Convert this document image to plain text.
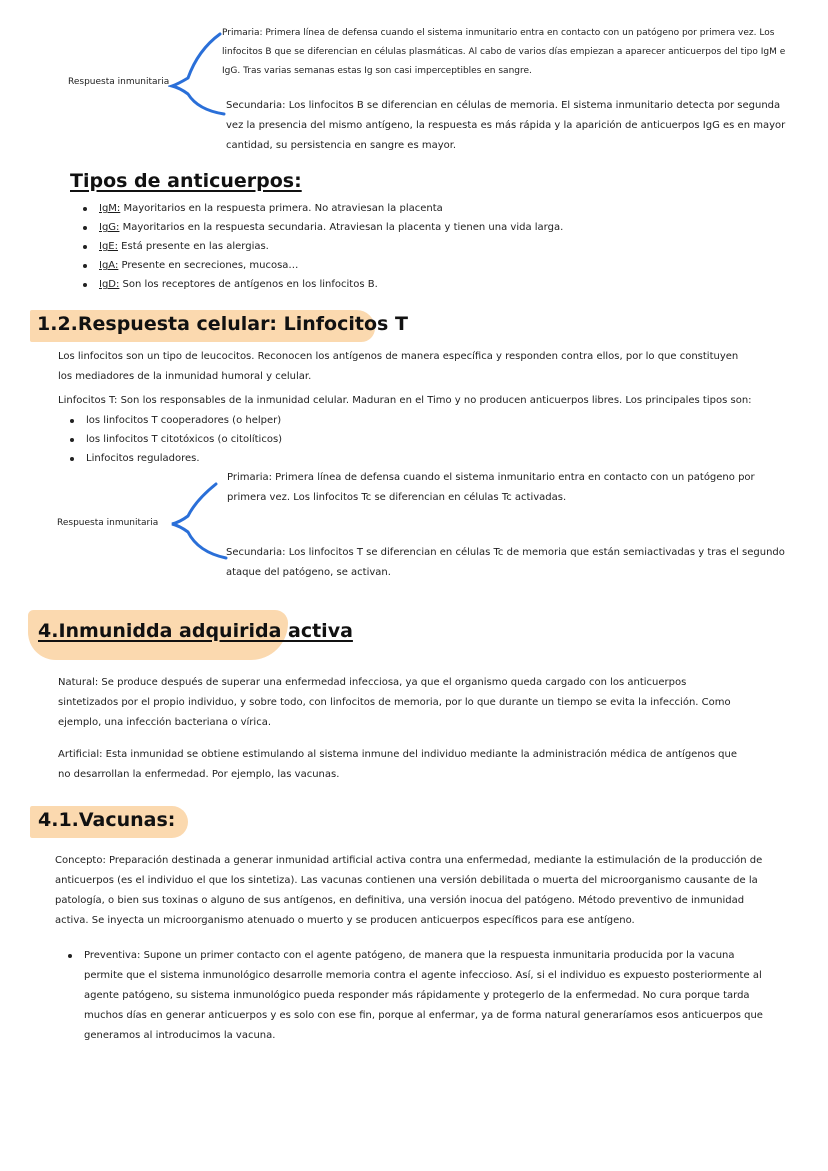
Respuesta inmunitaria

Primaria: Primera línea de defensa cuando el sistema inmunitario entra en contacto con un patógeno por primera vez. Los linfocitos B que se diferencian en células plasmáticas. Al cabo de varios días empiezan a aparecer anticuerpos del tipo IgM e IgG. Tras varias semanas estas Ig son casi imperceptibles en sangre.

Secundaria: Los linfocitos B se diferencian en células de memoria. El sistema inmunitario detecta por segunda vez la presencia del mismo antígeno, la respuesta es más rápida y la aparición de anticuerpos IgG es en mayor cantidad, su persistencia en sangre es mayor.

Tipos de anticuerpos:
IgM: Mayoritarios en la respuesta primera. No atraviesan la placenta
IgG: Mayoritarios en la respuesta secundaria. Atraviesan la placenta y tienen una vida larga.
IgE: Está presente en las alergias.
IgA: Presente en secreciones, mucosa…
IgD: Son los receptores de antígenos en los linfocitos B.
1.2.Respuesta celular: Linfocitos T

Los linfocitos son un tipo de leucocitos. Reconocen los antígenos de manera específica y responden contra ellos, por lo que constituyen los mediadores de la inmunidad humoral y celular.

Linfocitos T: Son los responsables de la inmunidad celular. Maduran en el Timo y no producen anticuerpos libres. Los principales tipos son:

los linfocitos T cooperadores (o helper)
los linfocitos T citotóxicos (o citolíticos)
Linfocitos reguladores.

Respuesta inmunitaria

Primaria: Primera línea de defensa cuando el sistema inmunitario entra en contacto con un patógeno por primera vez. Los linfocitos Tc se diferencian en células Tc activadas.

Secundaria: Los linfocitos T se diferencian en células Tc de memoria que están semiactivadas y tras el segundo ataque del patógeno, se activan.

4.Inmunidda adquirida activa

Natural: Se produce después de superar una enfermedad infecciosa, ya que el organismo queda cargado con los anticuerpos sintetizados por el propio individuo, y sobre todo, con linfocitos de memoria, por lo que durante un tiempo se evita la infección. Como ejemplo, una infección bacteriana o vírica.

Artificial: Esta inmunidad se obtiene estimulando al sistema inmune del individuo mediante la administración médica de antígenos que no desarrollan la enfermedad. Por ejemplo, las vacunas.

4.1.Vacunas:

Concepto: Preparación destinada a generar inmunidad artificial activa contra una enfermedad, mediante la estimulación de la producción de anticuerpos (es el individuo el que los sintetiza). Las vacunas contienen una versión debilitada o muerta del microorganismo causante de la patología, o bien sus toxinas o alguno de sus antígenos, en definitiva, una versión inocua del patógeno. Método preventivo de inmunidad activa. Se inyecta un microorganismo atenuado o muerto y se producen anticuerpos específicos para ese antígeno.

Preventiva: Supone un primer contacto con el agente patógeno, de manera que la respuesta inmunitaria producida por la vacuna permite que el sistema inmunológico desarrolle memoria contra el agente infeccioso. Así, si el individuo es expuesto posteriormente al agente patógeno, su sistema inmunológico pueda responder más rápidamente y protegerlo de la enfermedad. No cura porque tarda muchos días en generar anticuerpos y es solo con ese fin, porque al enfermar, ya de forma natural generaríamos esos anticuerpos que generamos al introducimos la vacuna.
